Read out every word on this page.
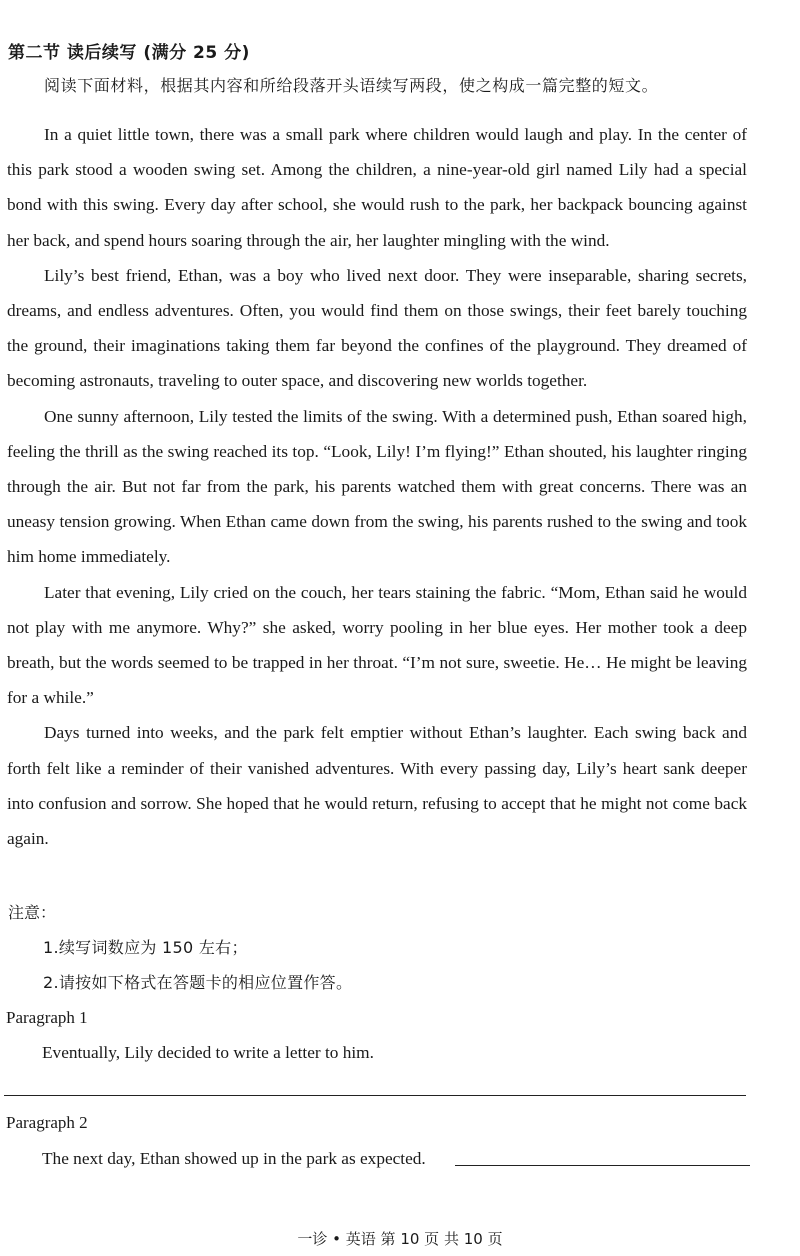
第二节 读后续写 (满分 25 分)
阅读下面材料，根据其内容和所给段落开头语续写两段，使之构成一篇完整的短文。

In a quiet little town, there was a small park where children would laugh and play. In the center of this park stood a wooden swing set. Among the children, a nine-year-old girl named Lily had a special bond with this swing. Every day after school, she would rush to the park, her backpack bouncing against her back, and spend hours soaring through the air, her laughter mingling with the wind.

Lily’s best friend, Ethan, was a boy who lived next door. They were inseparable, sharing secrets, dreams, and endless adventures. Often, you would find them on those swings, their feet barely touching the ground, their imaginations taking them far beyond the confines of the playground. They dreamed of becoming astronauts, traveling to outer space, and discovering new worlds together.

One sunny afternoon, Lily tested the limits of the swing. With a determined push, Ethan soared high, feeling the thrill as the swing reached its top. “Look, Lily! I’m flying!” Ethan shouted, his laughter ringing through the air. But not far from the park, his parents watched them with great concerns. There was an uneasy tension growing. When Ethan came down from the swing, his parents rushed to the swing and took him home immediately.

Later that evening, Lily cried on the couch, her tears staining the fabric. “Mom, Ethan said he would not play with me anymore. Why?” she asked, worry pooling in her blue eyes. Her mother took a deep breath, but the words seemed to be trapped in her throat. “I’m not sure, sweetie. He… He might be leaving for a while.”

Days turned into weeks, and the park felt emptier without Ethan’s laughter. Each swing back and forth felt like a reminder of their vanished adventures. With every passing day, Lily’s heart sank deeper into confusion and sorrow. She hoped that he would return, refusing to accept that he might not come back again.

注意：
1.续写词数应为 150 左右；
2.请按如下格式在答题卡的相应位置作答。
Paragraph 1
Eventually, Lily decided to write a letter to him.
Paragraph 2
The next day, Ethan showed up in the park as expected.
一诊 • 英语 第 10 页 共 10 页
